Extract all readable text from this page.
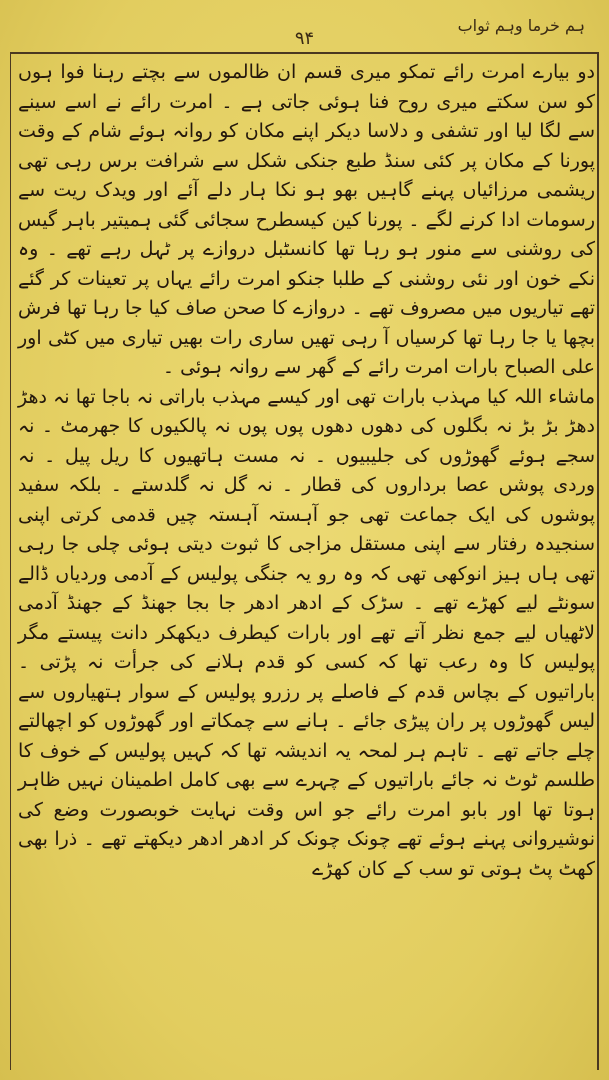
ہم خرما وہم ثواب
۹۴

دو بیارے امرت رائے تمکو میری قسم ان ظالموں سے بچتے رہنا فوا ہوں کو سن سکتے میری روح فنا ہوئی جاتی ہے ۔ امرت رائے نے اسے سینے سے لگا لیا اور تشفی و دلاسا دیکر اپنے مکان کو روانہ ہوئے شام کے وقت پورنا کے مکان پر کئی سنڈ طبع جنکی شکل سے شرافت برس رہی تھی ریشمی مرزائیاں پہنے گاہیں بھو ہو نکا ہار دلے آئے اور ویدک ریت سے رسومات ادا کرنے لگے ۔ پورنا کین کیسطرح سجائی گئی ہمیتیر باہر گیس کی روشنی سے منور ہو رہا تھا کانسٹبل دروازے پر ٹہل رہے تھے ۔ وہ نکے خون اور نئی روشنی کے طلبا جنکو امرت رائے یہاں پر تعینات کر گئے تھے تیاریوں میں مصروف تھے ۔ دروازے کا صحن صاف کیا جا رہا تھا فرش بچھا یا جا رہا تھا کرسیاں آ رہی تھیں ساری رات بھیں تیاری میں کٹی اور علی الصباح بارات امرت رائے کے گھر سے روانہ ہوئی ۔

ماشاء اللہ کیا مہذب بارات تھی اور کیسے مہذب باراتی نہ باجا تھا نہ دھڑ دھڑ بڑ بڑ نہ بگلوں کی دھوں دھوں پوں پوں نہ پالکیوں کا جھرمٹ ۔ نہ سجے ہوئے گھوڑوں کی جلیبیوں ۔ نہ مست ہاتھیوں کا ریل پیل ۔ نہ وردی پوشں عصا برداروں کی قطار ۔ نہ گل نہ گلدستے ۔ بلکہ سفید پوشوں کی ایک جماعت تھی جو آہستہ آہستہ چیں قدمی کرتی اپنی سنجیدہ رفتار سے اپنی مستقل مزاجی کا ثبوت دیتی ہوئی چلی جا رہی تھی ہاں ہیز انوکھی تھی کہ وہ رو یہ جنگی پولیس کے آدمی وردیاں ڈالے سونٹے لیے کھڑے تھے ۔ سڑک کے ادھر ادھر جا بجا جھنڈ کے جھنڈ آدمی لاٹھیاں لیے جمع نظر آتے تھے اور بارات کیطرف دیکھکر دانت پیستے مگر پولیس کا وہ رعب تھا کہ کسی کو قدم ہلانے کی جرأت نہ پڑتی ۔ باراتیوں کے بچاس قدم کے فاصلے پر رزرو پولیس کے سوار ہتھیاروں سے لیس گھوڑوں پر ران پیڑی جائے ۔ ہانے سے چمکاتے اور گھوڑوں کو اچھالتے چلے جاتے تھے ۔ تاہم ہر لمحہ یہ اندیشہ تھا کہ کہیں پولیس کے خوف کا طلسم ٹوٹ نہ جائے باراتیوں کے چہرے سے بھی کامل اطمینان نہیں ظاہر ہوتا تھا اور بابو امرت رائے جو اس وقت نہایت خوبصورت وضع کی نوشیروانی پہنے ہوئے تھے چونک چونک کر ادھر ادھر دیکھتے تھے ۔ ذرا بھی کھٹ پٹ ہوتی تو سب کے کان کھڑے
